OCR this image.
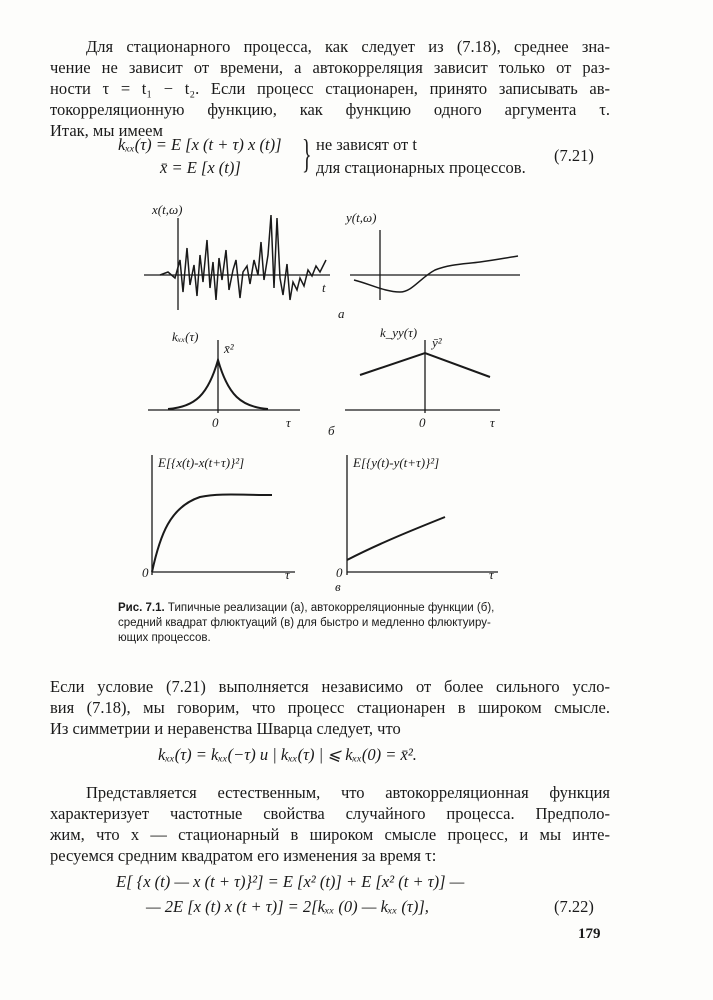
Для стационарного процесса, как следует из (7.18), среднее зна-
чение не зависит от времени, а автокорреляция зависит только от раз-
ности τ = t₁ − t₂. Если процесс стационарен, принято записывать ав-
токорреляционную функцию, как функцию одного аргумента τ.
Итак, мы имеем
kₓₓ(τ) = E [x (t + τ) x (t)]
x̄ = E [x (t)] } не зависят от t
для стационарных процессов.
(7.21)
x(t,ω)
t
y(t,ω)
а
kₓₓ(τ)
x̄²
0	τ
k_yy(τ)
ȳ²
0	τ
б
E[{x(t)-x(t+τ)}²]
0	τ
E[{y(t)-y(t+τ)}²]
0	τ
в
Рис. 7.1. Типичные реализации (а), автокорреляционные функции (б),
средний квадрат флюктуаций (в) для быстро и медленно флюктуиру-
ющих процессов.
Если условие (7.21) выполняется независимо от более сильного усло-
вия (7.18), мы говорим, что процесс стационарен в широком смысле.
Из симметрии и неравенства Шварца следует, что
kₓₓ(τ) = kₓₓ(−τ) и | kₓₓ(τ) | ⩽ kₓₓ(0) = x̄².
Представляется естественным, что автокорреляционная функция
характеризует частотные свойства случайного процесса. Предполо-
жим, что x — стационарный в широком смысле процесс, и мы инте-
ресуемся средним квадратом его изменения за время τ:
E[ {x (t) — x (t + τ)}²] = E [x² (t)] + E [x² (t + τ)] —
— 2E [x (t) x (t + τ)] = 2[kₓₓ (0) — kₓₓ (τ)],	(7.22)
179
